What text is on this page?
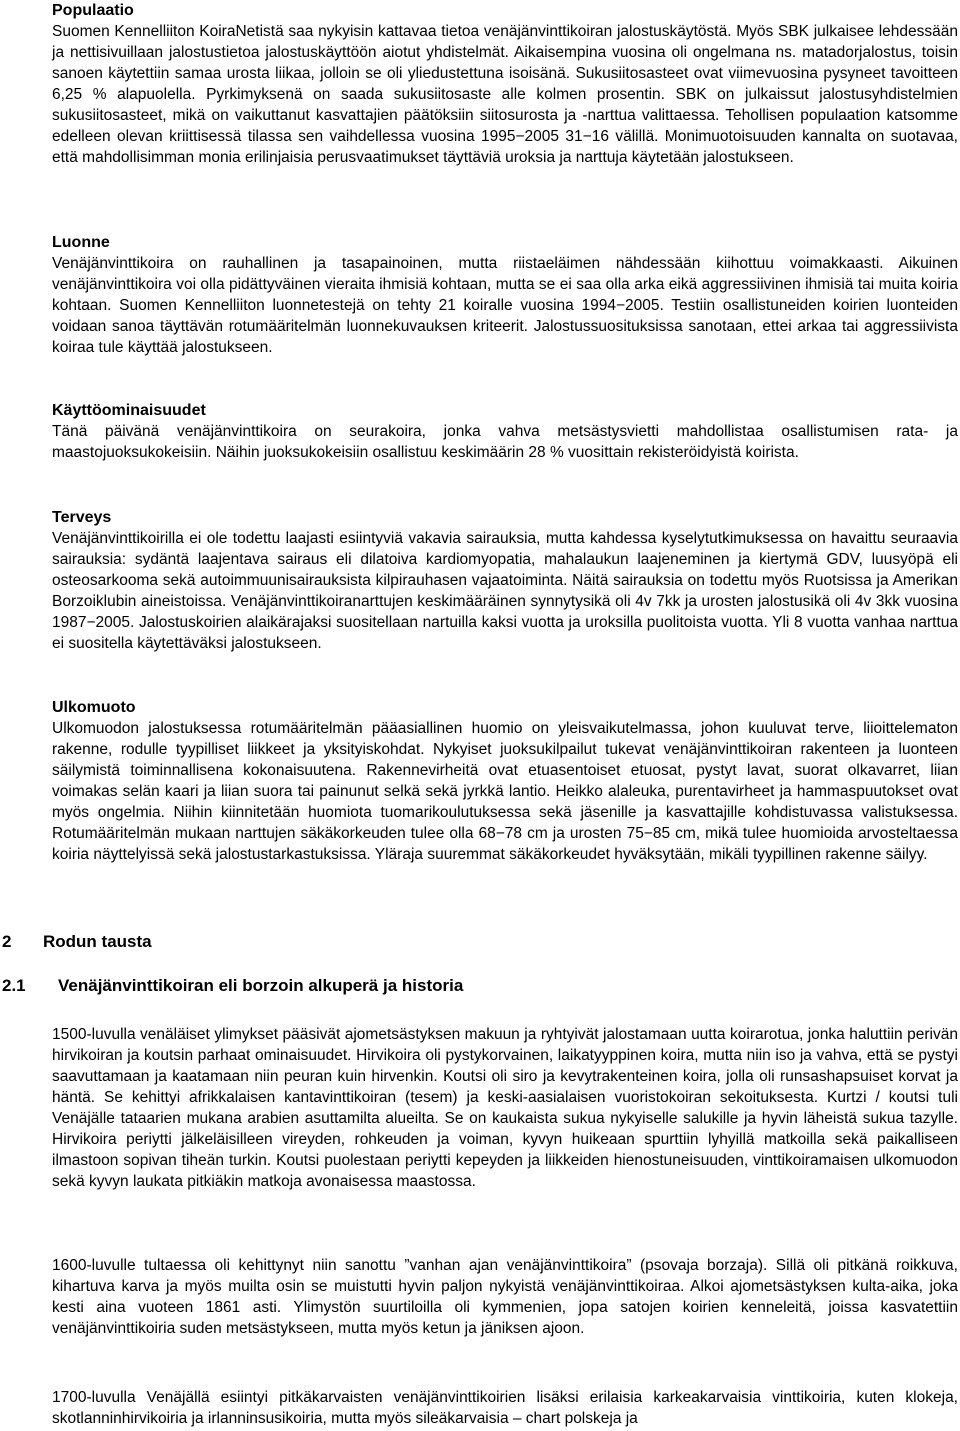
Populaatio

Suomen Kennelliiton KoiraNetistä saa nykyisin kattavaa tietoa venäjänvinttikoiran jalostuskäytöstä. Myös SBK julkaisee lehdessään ja nettisivuillaan jalostustietoa jalostuskäyttöön aiotut yhdistelmät. Aikaisempina vuosina oli ongelmana ns. matadorjalostus, toisin sanoen käytettiin samaa urosta liikaa, jolloin se oli yliedustettuna isoisänä. Sukusiitosasteet ovat viimevuosina pysyneet tavoitteen 6,25 % alapuolella. Pyrkimyksenä on saada sukusiitosaste alle kolmen prosentin. SBK on julkaissut jalostusyhdistelmien sukusiitosasteet, mikä on vaikuttanut kasvattajien päätöksiin siitosurosta ja -narttua valittaessa. Tehollisen populaation katsomme edelleen olevan kriittisessä tilassa sen vaihdellessa vuosina 1995−2005 31−16 välillä. Monimuotoisuuden kannalta on suotavaa, että mahdollisimman monia erilinjaisia perusvaatimukset täyttäviä uroksia ja narttuja käytetään jalostukseen.

Luonne

Venäjänvinttikoira on rauhallinen ja tasapainoinen, mutta riistaeläimen nähdessään kiihottuu voimakkaasti. Aikuinen venäjänvinttikoira voi olla pidättyväinen vieraita ihmisiä kohtaan, mutta se ei saa olla arka eikä aggressiivinen ihmisiä tai muita koiria kohtaan. Suomen Kennelliiton luonnetestejä on tehty 21 koiralle vuosina 1994−2005. Testiin osallistuneiden koirien luonteiden voidaan sanoa täyttävän rotumääritelmän luonnekuvauksen kriteerit. Jalostussuosituksissa sanotaan, ettei arkaa tai aggressiivista koiraa tule käyttää jalostukseen.

Käyttöominaisuudet

Tänä päivänä venäjänvinttikoira on seurakoira, jonka vahva metsästysvietti mahdollistaa osallistumisen rata- ja maastojuoksukokeisiin. Näihin juoksukokeisiin osallistuu keskimäärin 28 % vuosittain rekisteröidyistä koirista.

Terveys

Venäjänvinttikoirilla ei ole todettu laajasti esiintyviä vakavia sairauksia, mutta kahdessa kyselytutkimuksessa on havaittu seuraavia sairauksia: sydäntä laajentava sairaus eli dilatoiva kardiomyopatia, mahalaukun laajeneminen ja kiertymä GDV, luusyöpä eli osteosarkooma sekä autoimmuunisairauksista kilpirauhasen vajaatoiminta. Näitä sairauksia on todettu myös Ruotsissa ja Amerikan Borzoiklubin aineistoissa. Venäjänvinttikoiranarttujen keskimääräinen synnytysikä oli 4v 7kk ja urosten jalostusikä oli 4v 3kk vuosina 1987−2005. Jalostuskoirien alaikärajaksi suositellaan nartuilla kaksi vuotta ja uroksilla puolitoista vuotta. Yli 8 vuotta vanhaa narttua ei suositella käytettäväksi jalostukseen.

Ulkomuoto

Ulkomuodon jalostuksessa rotumääritelmän pääasiallinen huomio on yleisvaikutelmassa, johon kuuluvat terve, liioittelematon rakenne, rodulle tyypilliset liikkeet ja yksityiskohdat. Nykyiset juoksukilpailut tukevat venäjänvinttikoiran rakenteen ja luonteen säilymistä toiminnallisena kokonaisuutena. Rakennevirheitä ovat etuasentoiset etuosat, pystyt lavat, suorat olkavarret, liian voimakas selän kaari ja liian suora tai painunut selkä sekä jyrkkä lantio. Heikko alaleuka, purentavirheet ja hammaspuutokset ovat myös ongelmia. Niihin kiinnitetään huomiota tuomarikoulutuksessa sekä jäsenille ja kasvattajille kohdistuvassa valistuksessa. Rotumääritelmän mukaan narttujen säkäkorkeuden tulee olla 68−78 cm ja urosten 75−85 cm, mikä tulee huomioida arvosteltaessa koiria näyttelyissä sekä jalostustarkastuksissa. Yläraja suuremmat säkäkorkeudet hyväksytään, mikäli tyypillinen rakenne säilyy.

2 Rodun tausta
2.1 Venäjänvinttikoiran eli borzoin alkuperä ja historia

1500-luvulla venäläiset ylimykset pääsivät ajometsästyksen makuun ja ryhtyivät jalostamaan uutta koirarotua, jonka haluttiin perivän hirvikoiran ja koutsin parhaat ominaisuudet. Hirvikoira oli pystykorvainen, laikatyyppinen koira, mutta niin iso ja vahva, että se pystyi saavuttamaan ja kaatamaan niin peuran kuin hirvenkin. Koutsi oli siro ja kevytrakenteinen koira, jolla oli runsashapsuiset korvat ja häntä. Se kehittyi afrikkalaisen kantavinttikoiran (tesem) ja keski-aasialaisen vuoristokoiran sekoituksesta. Kurtzi / koutsi tuli Venäjälle tataarien mukana arabien asuttamilta alueilta. Se on kaukaista sukua nykyiselle salukille ja hyvin läheistä sukua tazylle. Hirvikoira periytti jälkeläisilleen vireyden, rohkeuden ja voiman, kyvyn huikeaan spurttiin lyhyillä matkoilla sekä paikalliseen ilmastoon sopivan tiheän turkin. Koutsi puolestaan periytti kepeyden ja liikkeiden hienostuneisuuden, vinttikoiramaisen ulkomuodon sekä kyvyn laukata pitkiäkin matkoja avonaisessa maastossa.

1600-luvulle tultaessa oli kehittynyt niin sanottu ”vanhan ajan venäjänvinttikoira” (psovaja borzaja). Sillä oli pitkänä roikkuva, kihartuva karva ja myös muilta osin se muistutti hyvin paljon nykyistä venäjänvinttikoiraa. Alkoi ajometsästyksen kulta-aika, joka kesti aina vuoteen 1861 asti. Ylimystön suurtiloilla oli kymmenien, jopa satojen koirien kenneleitä, joissa kasvatettiin venäjänvinttikoiria suden metsästykseen, mutta myös ketun ja jäniksen ajoon.

1700-luvulla Venäjällä esiintyi pitkäkarvaisten venäjänvinttikoirien lisäksi erilaisia karkeakarvaisia vinttikoiria, kuten klokeja, skotlanninhirvikoiria ja irlanninsusikoiria, mutta myös sileäkarvaisia – chart polskeja ja
